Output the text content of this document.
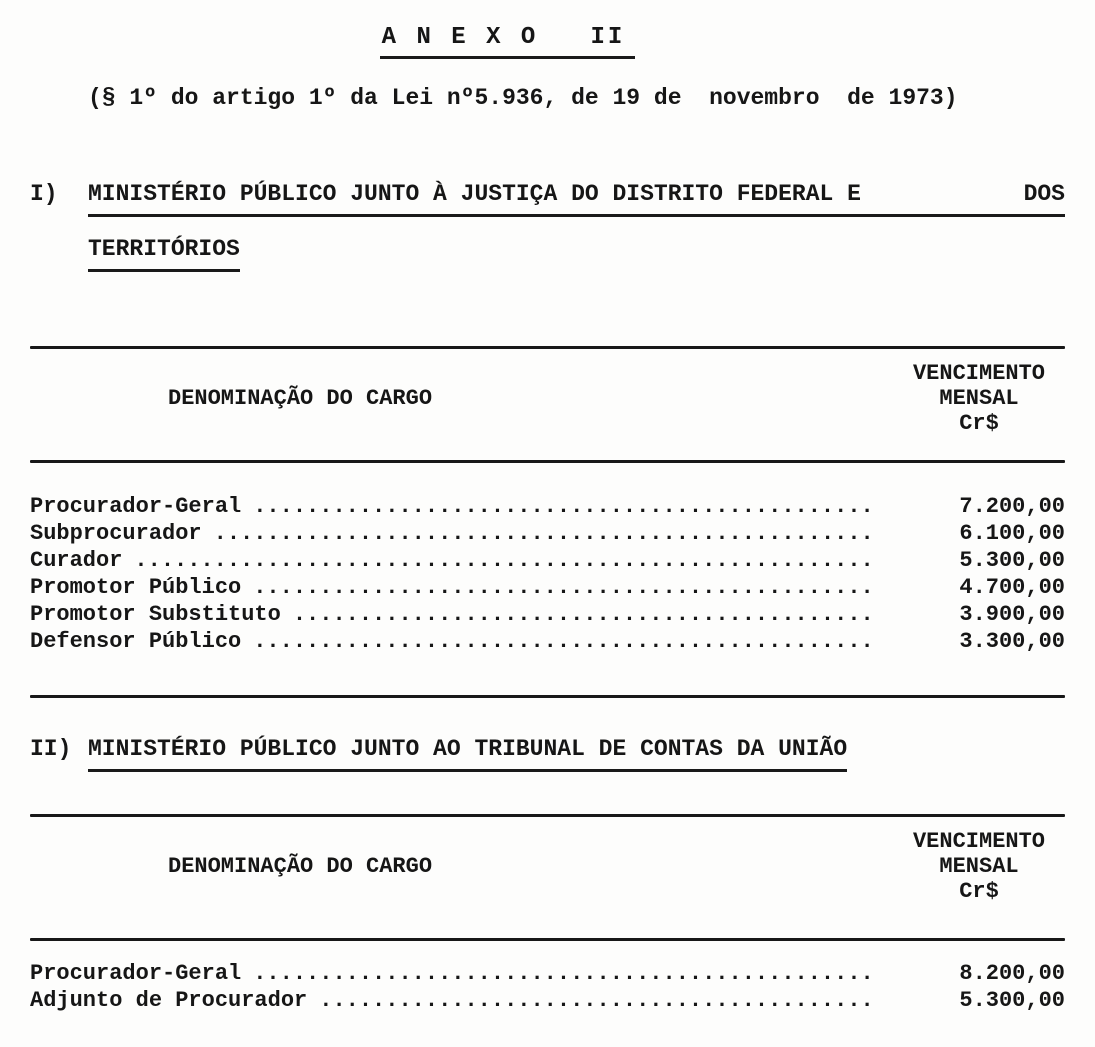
A N E X O   II
(§ 1º do artigo 1º da Lei nº5.936, de 19 de  novembro  de 1973)
I)	MINISTÉRIO PÚBLICO JUNTO À JUSTIÇA DO DISTRITO FEDERAL E	DOS
TERRITÓRIOS
DENOMINAÇÃO DO CARGO
VENCIMENTO
MENSAL
Cr$
Procurador-Geral .....	7.200,00
Subprocurador .....	6.100,00
Curador .....	5.300,00
Promotor Público .....	4.700,00
Promotor Substituto .....	3.900,00
Defensor Público .....	3.300,00
II) MINISTÉRIO PÚBLICO JUNTO AO TRIBUNAL DE CONTAS DA UNIÃO
DENOMINAÇÃO DO CARGO
VENCIMENTO
MENSAL
Cr$
Procurador-Geral .....	8.200,00
Adjunto de Procurador .....	5.300,00
